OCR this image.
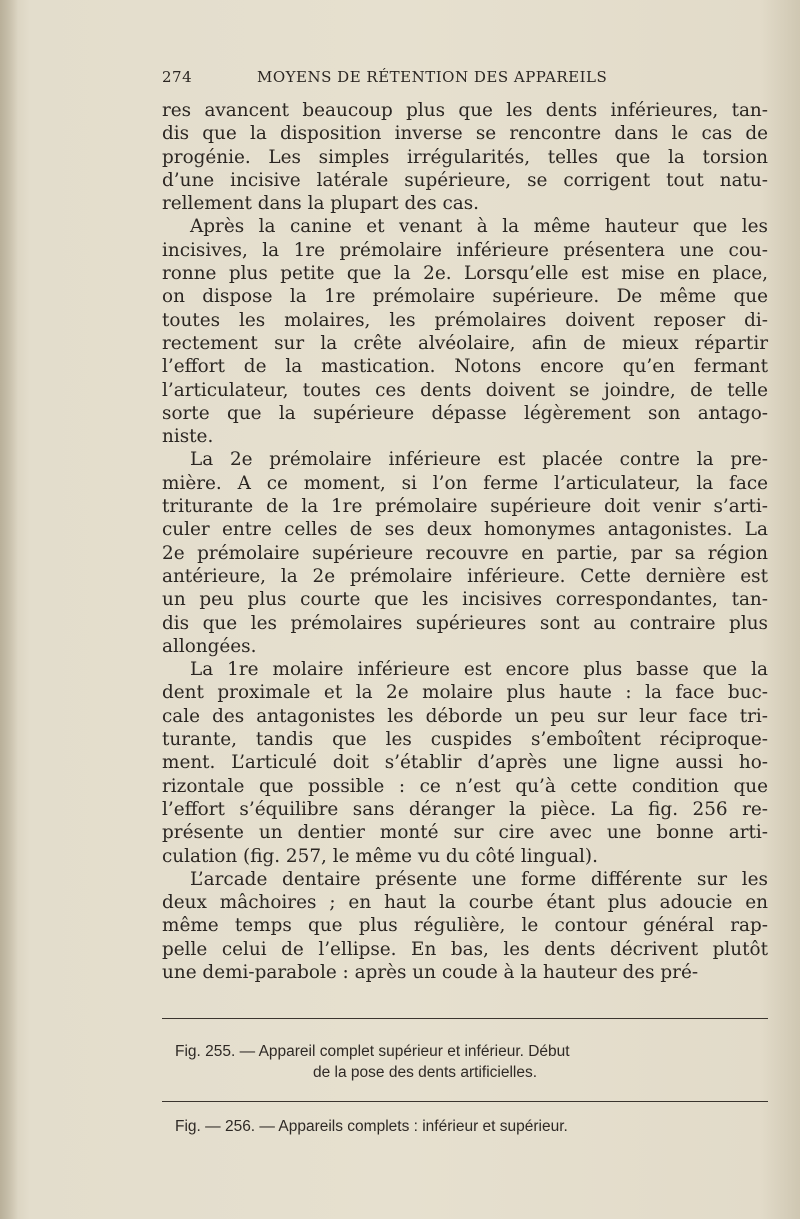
274	MOYENS DE RÉTENTION DES APPAREILS

res avancent beaucoup plus que les dents inférieures, tan-
dis que la disposition inverse se rencontre dans le cas de
progénie. Les simples irrégularités, telles que la torsion
d’une incisive latérale supérieure, se corrigent tout natu-
rellement dans la plupart des cas.

Après la canine et venant à la même hauteur que les
incisives, la 1re prémolaire inférieure présentera une cou-
ronne plus petite que la 2e. Lorsqu’elle est mise en place,
on dispose la 1re prémolaire supérieure. De même que
toutes les molaires, les prémolaires doivent reposer di-
rectement sur la crête alvéolaire, afin de mieux répartir
l’effort de la mastication. Notons encore qu’en fermant
l’articulateur, toutes ces dents doivent se joindre, de telle
sorte que la supérieure dépasse légèrement son antago-
niste.

La 2e prémolaire inférieure est placée contre la pre-
mière. A ce moment, si l’on ferme l’articulateur, la face
triturante de la 1re prémolaire supérieure doit venir s’arti-
culer entre celles de ses deux homonymes antagonistes. La
2e prémolaire supérieure recouvre en partie, par sa région
antérieure, la 2e prémolaire inférieure. Cette dernière est
un peu plus courte que les incisives correspondantes, tan-
dis que les prémolaires supérieures sont au contraire plus
allongées.

La 1re molaire inférieure est encore plus basse que la
dent proximale et la 2e molaire plus haute : la face buc-
cale des antagonistes les déborde un peu sur leur face tri-
turante, tandis que les cuspides s’emboîtent réciproque-
ment. L’articulé doit s’établir d’après une ligne aussi ho-
rizontale que possible : ce n’est qu’à cette condition que
l’effort s’équilibre sans déranger la pièce. La fig. 256 re-
présente un dentier monté sur cire avec une bonne arti-
culation (fig. 257, le même vu du côté lingual).

L’arcade dentaire présente une forme différente sur les
deux mâchoires ; en haut la courbe étant plus adoucie en
même temps que plus régulière, le contour général rap-
pelle celui de l’ellipse. En bas, les dents décrivent plutôt
une demi-parabole : après un coude à la hauteur des pré-

Fig. 255. — Appareil complet supérieur et inférieur. Début
de la pose des dents artificielles.
Fig. — 256. — Appareils complets : inférieur et supérieur.
